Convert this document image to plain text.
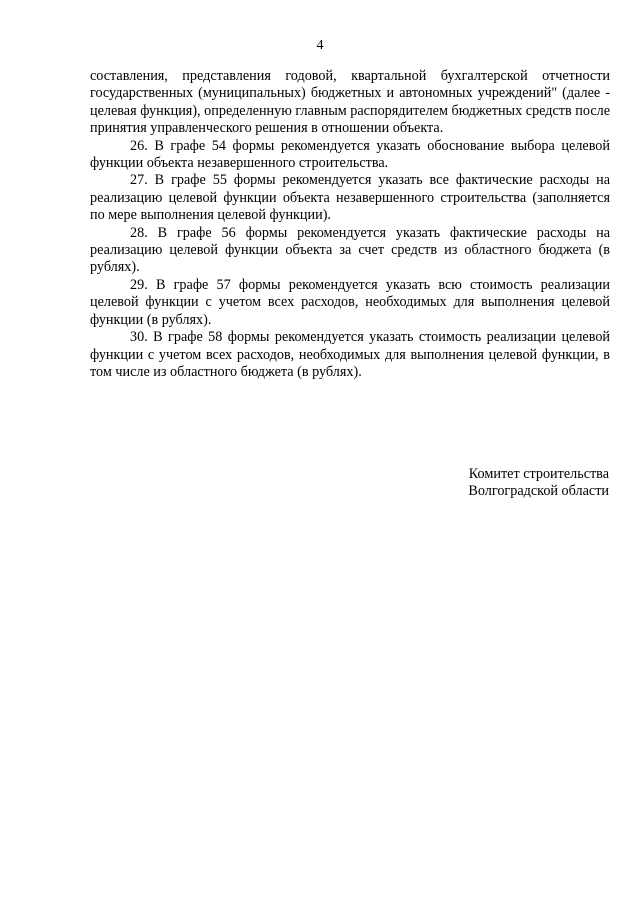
4

составления, представления годовой, квартальной бухгалтерской отчетности государственных (муниципальных) бюджетных и автономных учреждений" (далее - целевая функция), определенную главным распорядителем бюджетных средств после принятия управленческого решения в отношении объекта.

26. В графе 54 формы рекомендуется указать обоснование выбора целевой функции объекта незавершенного строительства.

27. В графе 55 формы рекомендуется указать все фактические расходы на реализацию целевой функции объекта незавершенного строительства (заполняется по мере выполнения целевой функции).

28. В графе 56 формы рекомендуется указать фактические расходы на реализацию целевой функции объекта за счет средств из областного бюджета (в рублях).

29. В графе 57 формы рекомендуется указать всю стоимость реализации целевой функции с учетом всех расходов, необходимых для выполнения целевой функции (в рублях).

30. В графе 58 формы рекомендуется указать стоимость реализации целевой функции с учетом всех расходов, необходимых для выполнения целевой функции, в том числе из областного бюджета (в рублях).

Комитет строительства
Волгоградской области
